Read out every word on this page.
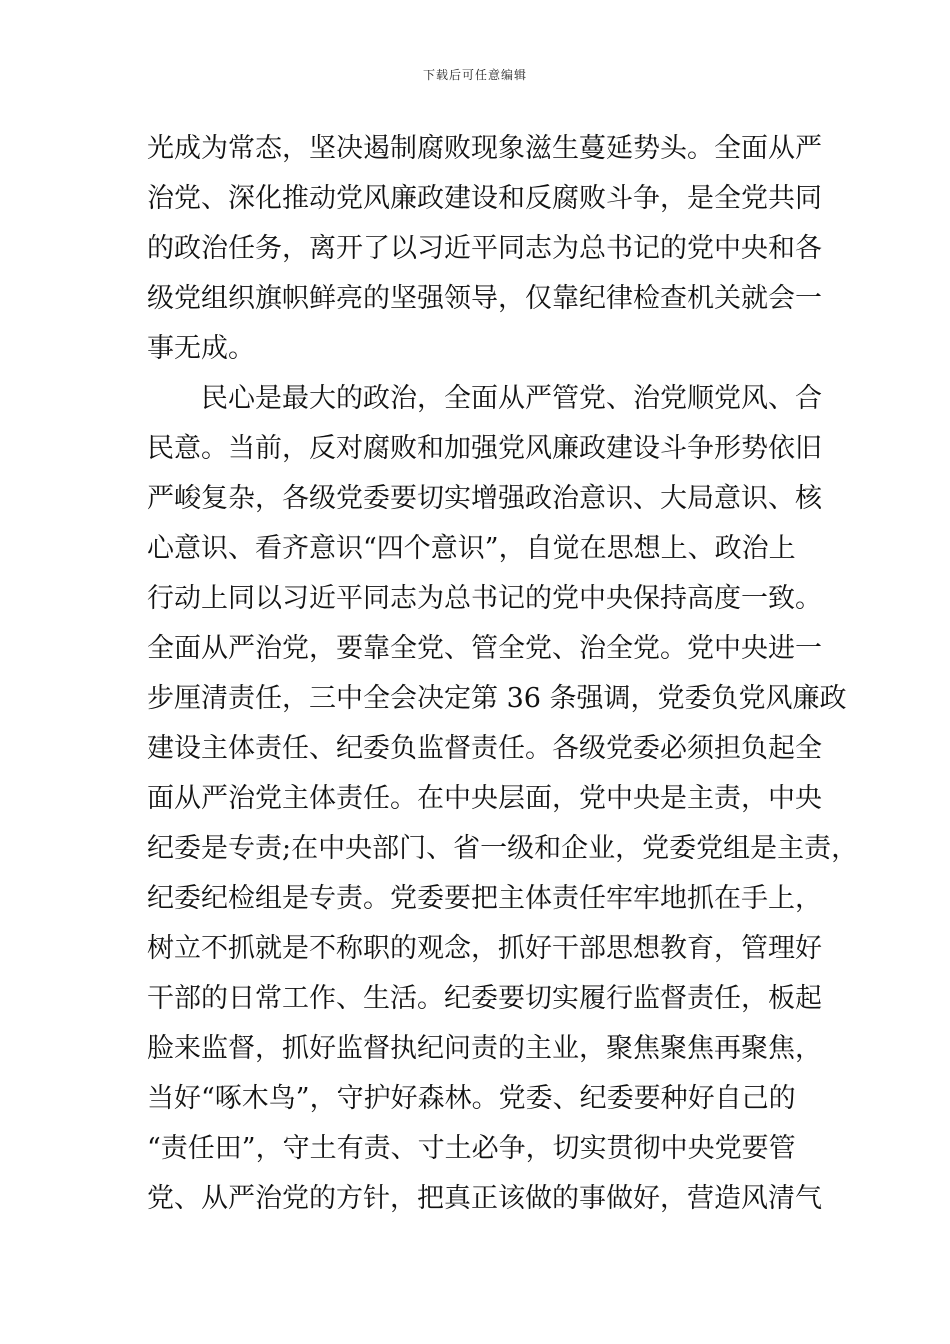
下载后可任意编辑
光成为常态，坚决遏制腐败现象滋生蔓延势头。全面从严
治党、深化推动党风廉政建设和反腐败斗争，是全党共同
的政治任务，离开了以习近平同志为总书记的党中央和各
级党组织旗帜鲜亮的坚强领导，仅靠纪律检查机关就会一
事无成。
民心是最大的政治，全面从严管党、治党顺党风、合
民意。当前，反对腐败和加强党风廉政建设斗争形势依旧
严峻复杂，各级党委要切实增强政治意识、大局意识、核
心意识、看齐意识“四个意识”，自觉在思想上、政治上
行动上同以习近平同志为总书记的党中央保持高度一致。
全面从严治党，要靠全党、管全党、治全党。党中央进一
步厘清责任，三中全会决定第 36 条强调，党委负党风廉政
建设主体责任、纪委负监督责任。各级党委必须担负起全
面从严治党主体责任。在中央层面，党中央是主责，中央
纪委是专责;在中央部门、省一级和企业，党委党组是主责，
纪委纪检组是专责。党委要把主体责任牢牢地抓在手上，
树立不抓就是不称职的观念，抓好干部思想教育，管理好
干部的日常工作、生活。纪委要切实履行监督责任，板起
脸来监督，抓好监督执纪问责的主业，聚焦聚焦再聚焦，
当好“啄木鸟”，守护好森林。党委、纪委要种好自己的
“责任田”，守土有责、寸土必争，切实贯彻中央党要管
党、从严治党的方针，把真正该做的事做好，营造风清气
